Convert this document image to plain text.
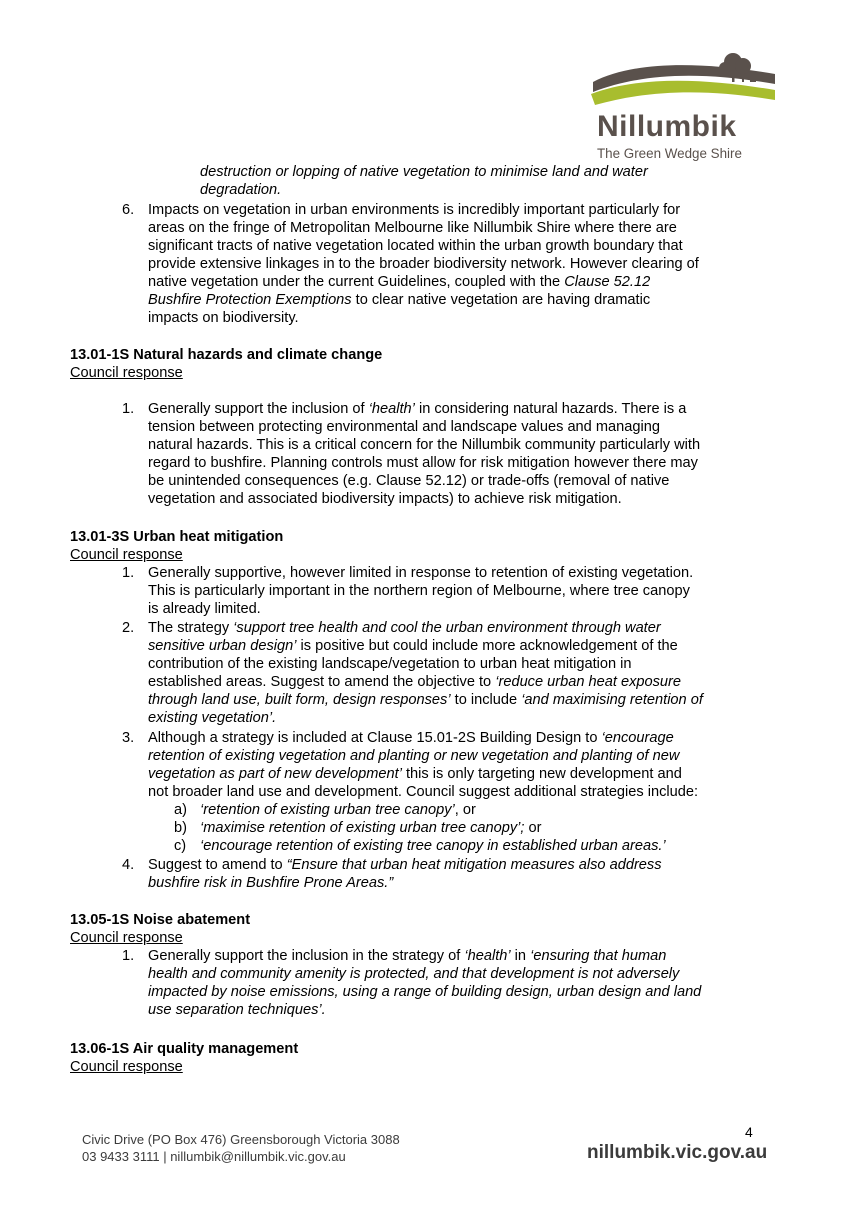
Nillumbik
The Green Wedge Shire
destruction or lopping of native vegetation to minimise land and water
degradation.
6. Impacts on vegetation in urban environments is incredibly important particularly for
areas on the fringe of Metropolitan Melbourne like Nillumbik Shire where there are
significant tracts of native vegetation located within the urban growth boundary that
provide extensive linkages in to the broader biodiversity network. However clearing of
native vegetation under the current Guidelines, coupled with the Clause 52.12
Bushfire Protection Exemptions to clear native vegetation are having dramatic
impacts on biodiversity.
13.01-1S Natural hazards and climate change
Council response
1. Generally support the inclusion of ‘health’ in considering natural hazards. There is a
tension between protecting environmental and landscape values and managing
natural hazards. This is a critical concern for the Nillumbik community particularly with
regard to bushfire. Planning controls must allow for risk mitigation however there may
be unintended consequences (e.g. Clause 52.12) or trade-offs (removal of native
vegetation and associated biodiversity impacts) to achieve risk mitigation.
13.01-3S Urban heat mitigation
Council response
1. Generally supportive, however limited in response to retention of existing vegetation.
This is particularly important in the northern region of Melbourne, where tree canopy
is already limited.
2. The strategy ‘support tree health and cool the urban environment through water
sensitive urban design’ is positive but could include more acknowledgement of the
contribution of the existing landscape/vegetation to urban heat mitigation in
established areas. Suggest to amend the objective to ‘reduce urban heat exposure
through land use, built form, design responses’ to include ‘and maximising retention of
existing vegetation’.
3. Although a strategy is included at Clause 15.01-2S Building Design to ‘encourage
retention of existing vegetation and planting or new vegetation and planting of new
vegetation as part of new development’ this is only targeting new development and
not broader land use and development. Council suggest additional strategies include:
a) ‘retention of existing urban tree canopy’, or
b) ‘maximise retention of existing urban tree canopy’; or
c) ‘encourage retention of existing tree canopy in established urban areas.’
4. Suggest to amend to “Ensure that urban heat mitigation measures also address
bushfire risk in Bushfire Prone Areas.”
13.05-1S Noise abatement
Council response
1. Generally support the inclusion in the strategy of ‘health’ in ‘ensuring that human
health and community amenity is protected, and that development is not adversely
impacted by noise emissions, using a range of building design, urban design and land
use separation techniques’.
13.06-1S Air quality management
Council response
4
Civic Drive (PO Box 476) Greensborough Victoria 3088
03 9433 3111 | nillumbik@nillumbik.vic.gov.au	nillumbik.vic.gov.au
